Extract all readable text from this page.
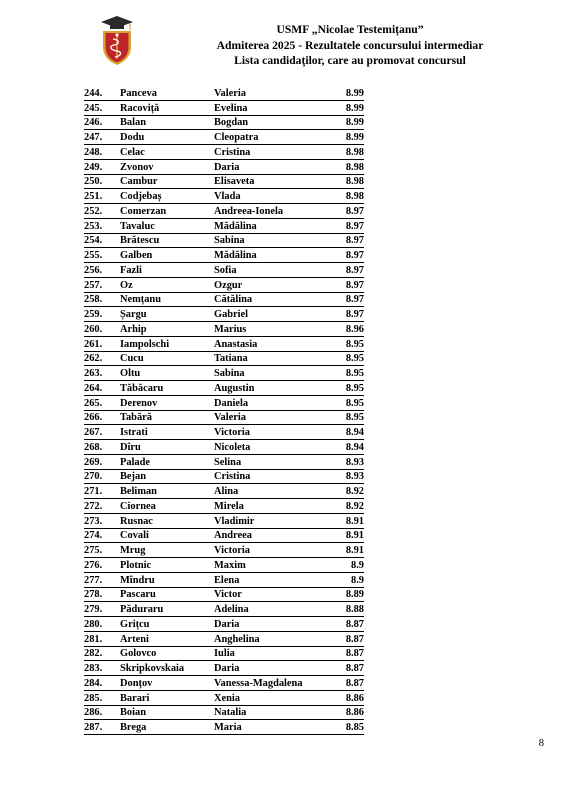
USMF „Nicolae Testemițanu”
Admiterea 2025 - Rezultatele concursului intermediar
Lista candidaţilor, care au promovat concursul
244.	Panceva	Valeria	8.99
245.	Racoviță	Evelina	8.99
246.	Balan	Bogdan	8.99
247.	Dodu	Cleopatra	8.99
248.	Celac	Cristina	8.98
249.	Zvonov	Daria	8.98
250.	Cambur	Elisaveta	8.98
251.	Codjebaș	Vlada	8.98
252.	Comerzan	Andreea-Ionela	8.97
253.	Tavaluc	Mădălina	8.97
254.	Brătescu	Sabina	8.97
255.	Galben	Mădălina	8.97
256.	Fazli	Sofia	8.97
257.	Oz	Ozgur	8.97
258.	Nemțanu	Cătălina	8.97
259.	Șargu	Gabriel	8.97
260.	Arhip	Marius	8.96
261.	Iampolschi	Anastasia	8.95
262.	Cucu	Tatiana	8.95
263.	Oltu	Sabina	8.95
264.	Tăbăcaru	Augustin	8.95
265.	Derenov	Daniela	8.95
266.	Tabără	Valeria	8.95
267.	Istrati	Victoria	8.94
268.	Dîru	Nicoleta	8.94
269.	Palade	Selina	8.93
270.	Bejan	Cristina	8.93
271.	Beliman	Alina	8.92
272.	Ciornea	Mirela	8.92
273.	Rusnac	Vladimir	8.91
274.	Covali	Andreea	8.91
275.	Mrug	Victoria	8.91
276.	Plotnic	Maxim	8.9
277.	Mîndru	Elena	8.9
278.	Pascaru	Victor	8.89
279.	Păduraru	Adelina	8.88
280.	Grițcu	Daria	8.87
281.	Arteni	Anghelina	8.87
282.	Golovco	Iulia	8.87
283.	Skripkovskaia	Daria	8.87
284.	Donțov	Vanessa-Magdalena	8.87
285.	Barari	Xenia	8.86
286.	Boian	Natalia	8.86
287.	Brega	Maria	8.85
8
